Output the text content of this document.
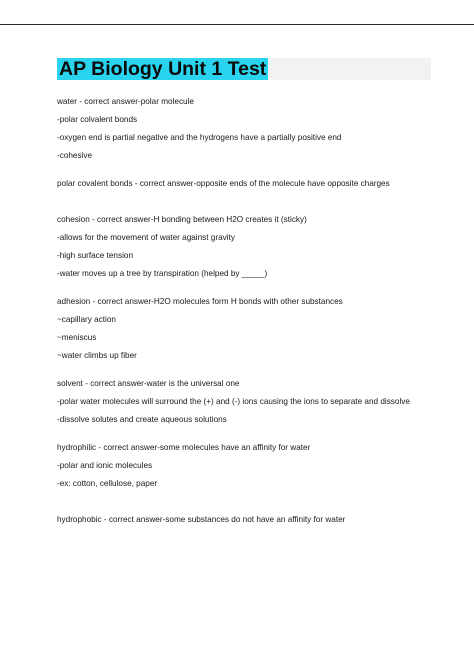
AP Biology Unit 1 Test
water - correct answer-polar molecule
-polar colvalent bonds
-oxygen end is partial negative and the hydrogens have a partially positive end
-cohesive
polar covalent bonds - correct answer-opposite ends of the molecule have opposite charges
cohesion - correct answer-H bonding between H2O creates it (sticky)
-allows for the movement of water against gravity
-high surface tension
-water moves up a tree by transpiration (helped by _____)
adhesion - correct answer-H2O molecules form H bonds with other substances
~capillary action
~meniscus
~water climbs up fiber
solvent - correct answer-water is the universal one
-polar water molecules will surround the (+) and (-) ions causing the ions to separate and dissolve
-dissolve solutes and create aqueous solutions
hydrophilic - correct answer-some molecules have an affinity for water
-polar and ionic molecules
-ex: cotton, cellulose, paper
hydrophobic - correct answer-some substances do not have an affinity for water
